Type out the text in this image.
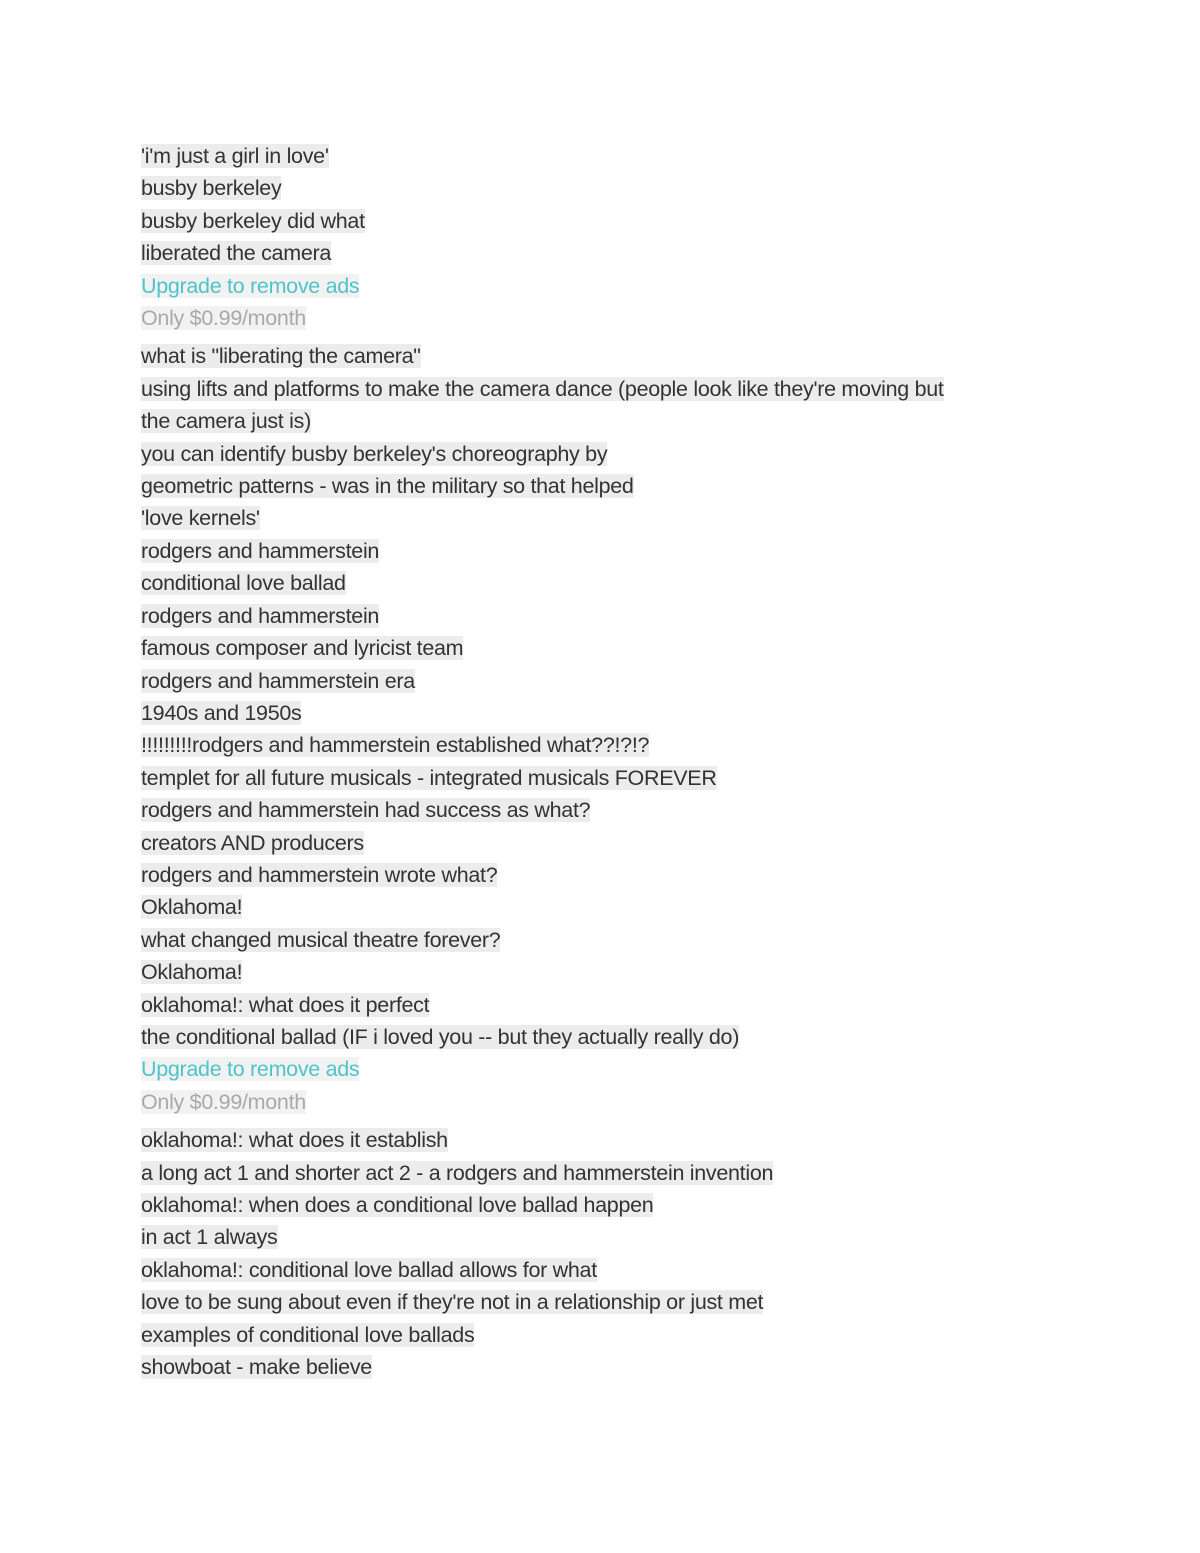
'i'm just a girl in love'
busby berkeley
busby berkeley did what
liberated the camera
Upgrade to remove ads
Only $0.99/month
what is "liberating the camera"
using lifts and platforms to make the camera dance (people look like they're moving but
the camera just is)
you can identify busby berkeley's choreography by
geometric patterns - was in the military so that helped
'love kernels'
rodgers and hammerstein
conditional love ballad
rodgers and hammerstein
famous composer and lyricist team
rodgers and hammerstein era
1940s and 1950s
!!!!!!!!!rodgers and hammerstein established what??!?!?
templet for all future musicals - integrated musicals FOREVER
rodgers and hammerstein had success as what?
creators AND producers
rodgers and hammerstein wrote what?
Oklahoma!
what changed musical theatre forever?
Oklahoma!
oklahoma!: what does it perfect
the conditional ballad (IF i loved you -- but they actually really do)
Upgrade to remove ads
Only $0.99/month
oklahoma!: what does it establish
a long act 1 and shorter act 2 - a rodgers and hammerstein invention
oklahoma!: when does a conditional love ballad happen
in act 1 always
oklahoma!: conditional love ballad allows for what
love to be sung about even if they're not in a relationship or just met
examples of conditional love ballads
showboat - make believe
